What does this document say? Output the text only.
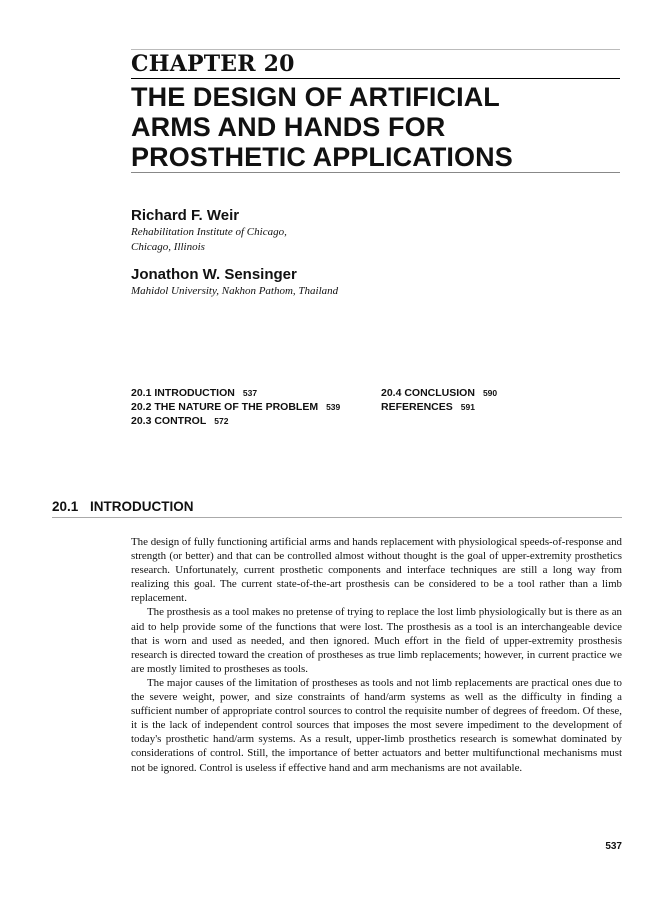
CHAPTER 20
THE DESIGN OF ARTIFICIAL
ARMS AND HANDS FOR
PROSTHETIC APPLICATIONS
Richard F. Weir
Rehabilitation Institute of Chicago,
Chicago, Illinois
Jonathon W. Sensinger
Mahidol University, Nakhon Pathom, Thailand
20.1 INTRODUCTION 537
20.2 THE NATURE OF THE PROBLEM 539
20.3 CONTROL 572
20.4 CONCLUSION 590
REFERENCES 591
20.1 INTRODUCTION

The design of fully functioning artificial arms and hands replacement with physiological speeds-of-response and strength (or better) and that can be controlled almost without thought is the goal of upper-extremity prosthetics research. Unfortunately, current prosthetic components and interface techniques are still a long way from realizing this goal. The current state-of-the-art prosthesis can be considered to be a tool rather than a limb replacement.

The prosthesis as a tool makes no pretense of trying to replace the lost limb physiologically but is there as an aid to help provide some of the functions that were lost. The prosthesis as a tool is an interchangeable device that is worn and used as needed, and then ignored. Much effort in the field of upper-extremity prosthesis research is directed toward the creation of prostheses as true limb replacements; however, in current practice we are mostly limited to prostheses as tools.

The major causes of the limitation of prostheses as tools and not limb replacements are practical ones due to the severe weight, power, and size constraints of hand/arm systems as well as the difficulty in finding a sufficient number of appropriate control sources to control the requisite number of degrees of freedom. Of these, it is the lack of independent control sources that imposes the most severe impediment to the development of today's prosthetic hand/arm systems. As a result, upper-limb prosthetics research is somewhat dominated by considerations of control. Still, the importance of better actuators and better multifunctional mechanisms must not be ignored. Control is useless if effective hand and arm mechanisms are not available.

537
